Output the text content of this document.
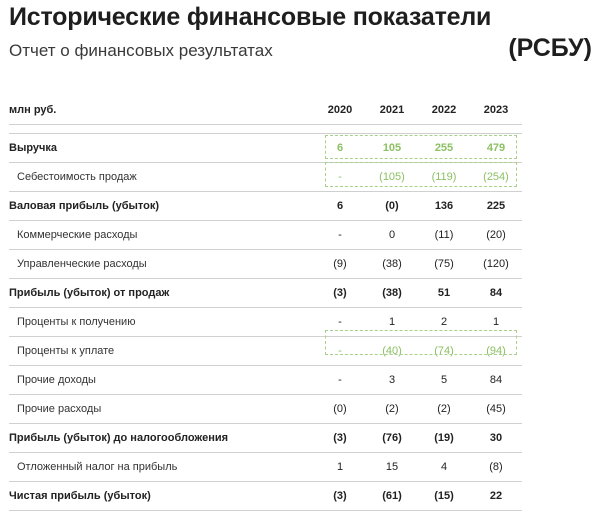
Исторические финансовые показатели
Отчет о финансовых результатах	(РСБУ)
млн руб.	2020	2021	2022	2023

Выручка	6	105	255	479
Себестоимость продаж	-	(105)	(119)	(254)
Валовая прибыль (убыток)	6	(0)	136	225
Коммерческие расходы	-	0	(11)	(20)
Управленческие расходы	(9)	(38)	(75)	(120)
Прибыль (убыток) от продаж	(3)	(38)	51	84
Проценты к получению	-	1	2	1
Проценты к уплате	-	(40)	(74)	(94)
Прочие доходы	-	3	5	84
Прочие расходы	(0)	(2)	(2)	(45)
Прибыль (убыток) до налогообложения	(3)	(76)	(19)	30
Отложенный налог на прибыль	1	15	4	(8)
Чистая прибыль (убыток)	(3)	(61)	(15)	22
